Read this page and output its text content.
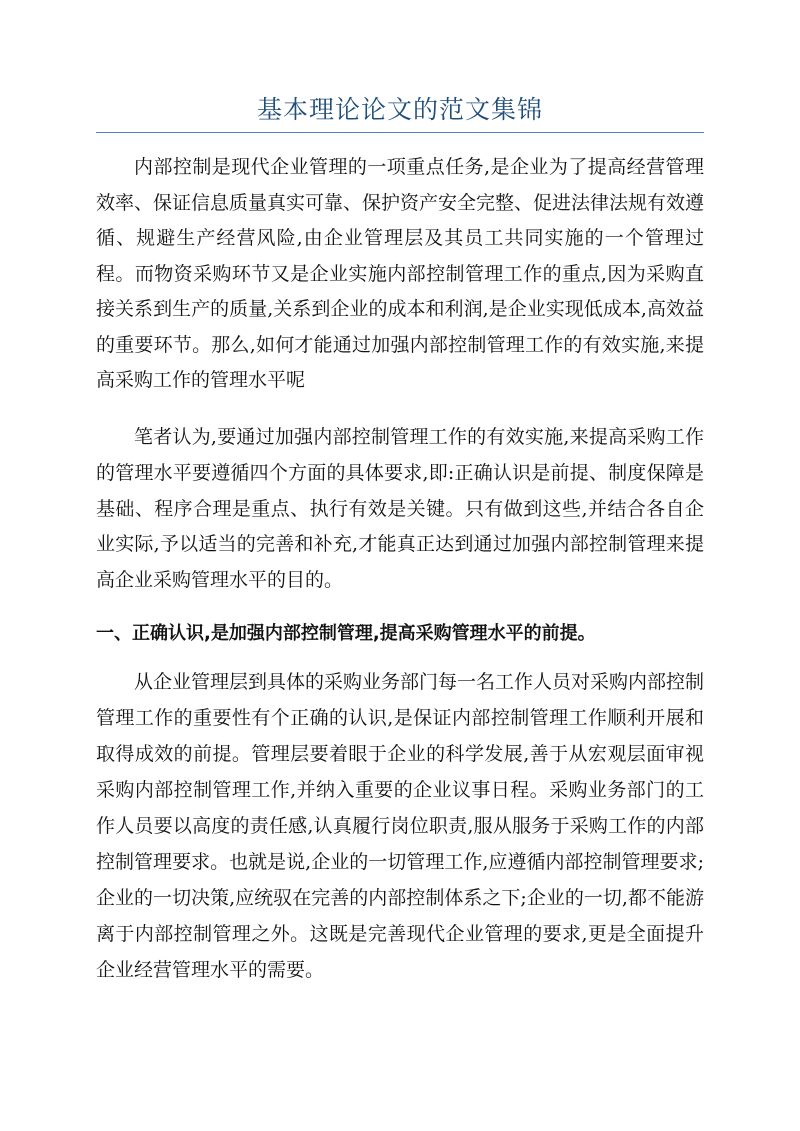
基本理论论文的范文集锦

内部控制是现代企业管理的一项重点任务,是企业为了提高经营管理效率、保证信息质量真实可靠、保护资产安全完整、促进法律法规有效遵循、规避生产经营风险,由企业管理层及其员工共同实施的一个管理过程。而物资采购环节又是企业实施内部控制管理工作的重点,因为采购直接关系到生产的质量,关系到企业的成本和利润,是企业实现低成本,高效益的重要环节。那么,如何才能通过加强内部控制管理工作的有效实施,来提高采购工作的管理水平呢

笔者认为,要通过加强内部控制管理工作的有效实施,来提高采购工作的管理水平要遵循四个方面的具体要求,即:正确认识是前提、制度保障是基础、程序合理是重点、执行有效是关键。只有做到这些,并结合各自企业实际,予以适当的完善和补充,才能真正达到通过加强内部控制管理来提高企业采购管理水平的目的。

一、正确认识,是加强内部控制管理,提高采购管理水平的前提。

从企业管理层到具体的采购业务部门每一名工作人员对采购内部控制管理工作的重要性有个正确的认识,是保证内部控制管理工作顺利开展和取得成效的前提。管理层要着眼于企业的科学发展,善于从宏观层面审视采购内部控制管理工作,并纳入重要的企业议事日程。采购业务部门的工作人员要以高度的责任感,认真履行岗位职责,服从服务于采购工作的内部控制管理要求。也就是说,企业的一切管理工作,应遵循内部控制管理要求;企业的一切决策,应统驭在完善的内部控制体系之下;企业的一切,都不能游离于内部控制管理之外。这既是完善现代企业管理的要求,更是全面提升企业经营管理水平的需要。
